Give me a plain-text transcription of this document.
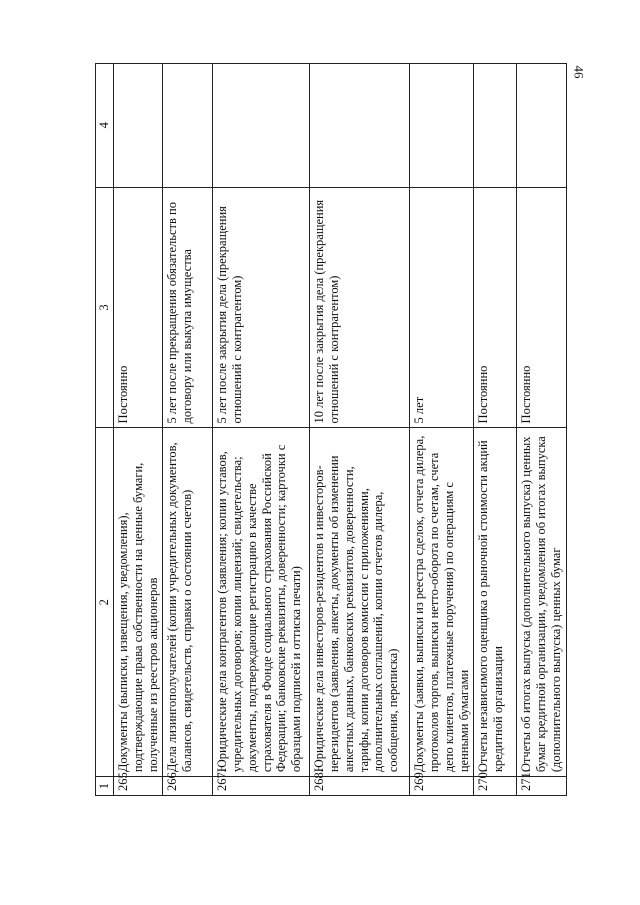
46
1	2	3	4
265.	Документы (выписки, извещения, уведомления), подтверждающие права собственности на ценные бумаги, полученные из реестров акционеров	Постоянно	
266.	Дела лизингополучателей (копии учредительных документов, балансов, свидетельств, справки о состоянии счетов)	5 лет после прекращения обязательств по договору или выкупа имущества	
267.	Юридические дела контрагентов (заявления; копии уставов, учредительных договоров; копии лицензий; свидетельства; документы, подтверждающие регистрацию в качестве страхователя в Фонде социального страхования Российской Федерации; банковские реквизиты, доверенности; карточки с образцами подписей и оттиска печати)	5 лет после закрытия дела (прекращения отношений с контрагентом)	
268.	Юридические дела инвесторов-резидентов и инвесторов-нерезидентов (заявления, анкеты, документы об изменении анкетных данных, банковских реквизитов, доверенности, тарифы, копии договоров комиссии с приложениями, дополнительных соглашений, копии отчетов дилера, сообщения, переписка)	10 лет после закрытия дела (прекращения отношений с контрагентом)	
269.	Документы (заявки, выписки из реестра сделок, отчета дилера, протоколов торгов, выписки нетто-оборота по счетам, счета депо клиентов, платежные поручения) по операциям с ценными бумагами	5 лет	
270.	Отчеты независимого оценщика о рыночной стоимости акций кредитной организации	Постоянно	
271.	Отчеты об итогах выпуска (дополнительного выпуска) ценных бумаг кредитной организации, уведомления об итогах выпуска (дополнительного выпуска) ценных бумаг	Постоянно	
